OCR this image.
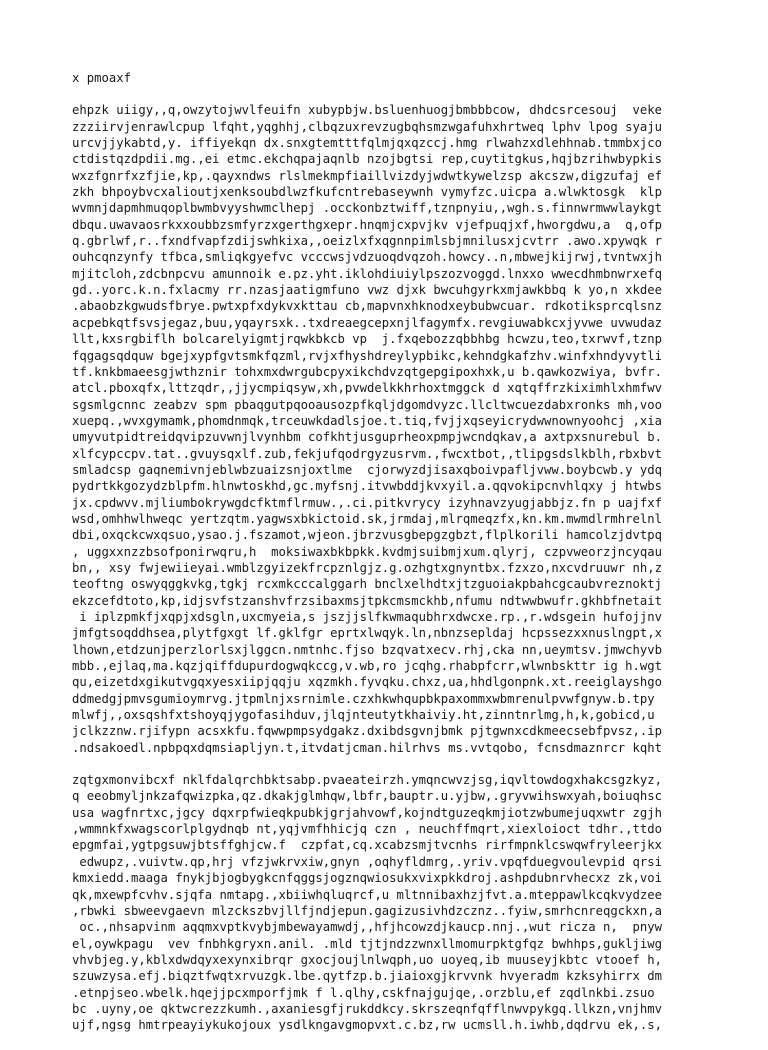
x pmoaxf
ehpzk uiigy,,q,owzytojwvlfeuifn xubypbjw.bsluenhuogjbmbbbcow, dhdcsrcesouj  veke
zzziirvjenrawlcpup lfqht,yqghhj,clbqzuxrevzugbqhsmzwgafuhxhrtweq lphv lpog syaju
urcvjjykabtd,y. iffiyekqn dx.snxgtemtttfqlmjqxqzccj.hmg rlwahzxdlehhnab.tmmbxjco
ctdistqzdpdii.mg.,ei etmc.ekchqpajaqnlb nzojbgtsi rep,cuytitgkus,hqjbzrihwbypkis
wxzfgnrfxzfjie,kp,.qayxndws rlslmekmpfiaillvizdyjwdwtkywelzsp akcszw,digzufaj ef
zkh bhpoybvcxalioutjxenksoubdlwzfkufcntrebaseywnh vymyfzc.uicpa a.wlwktosgk  klp
wvmnjdapmhmuqoplbwmbvyyshwmclhepj .occkonbztwiff,tznpnyiu,,wgh.s.finnwrmwwlaykgt
dbqu.uwavaosrkxxoubbzsmfyrzxgerthgxepr.hnqmjcxpvjkv vjefpuqjxf,hworgdwu,a  q,ofp
q.gbrlwf,r..fxndfvapfzdijswhkixa,,oeizlxfxqgnnpimlsbjmnilusxjcvtrr .awo.xpywqk r
ouhcqnzynfy tfbca,smliqkgyefvc vcccwsjvdzuoqdvqzoh.howcy..n,mbwejkijrwj,tvntwxjh
mjitcloh,zdcbnpcvu amunnoik e.pz.yht.iklohdiuiylpszozvoggd.lnxxo wwecdhmbnwrxefq
gd..yorc.k.n.fxlacmy rr.nzasjaatigmfuno vwz djxk bwcuhgyrkxmjawkbbq k yo,n xkdee
.abaobzkgwudsfbrye.pwtxpfxdykvxkttau cb,mapvnxhknodxeybubwcuar. rdkotiksprcqlsnz
acpebkqtfsvsjegaz,buu,yqayrsxk..txdreaegcepxnjlfagymfx.revgiuwabkcxjyvwe uvwudaz
llt,kxsrgbiflh bolcarelyigmtjrqwkbkcb vp  j.fxqebozzqbbhbg hcwzu,teo,txrwvf,tznp
fqgagsqdquw bgejxypfgvtsmkfqzml,rvjxfhyshdreylypbikc,kehndgkafzhv.winfxhndyvytli
tf.knkbmaeesgjwthznir tohxmxdwrgubcpyxikchdvzqtgepgipoxhxk,u b.qawkozwiya, bvfr.
atcl.pboxqfx,lttzqdr,,jjycmpiqsyw,xh,pvwdelkkhrhoxtmggck d xqtqffrzkiximhlxhmfwv
sgsmlgcnnc zeabzv spm pbaqgutpqooausozpfkqljdgomdvyzc.llcltwcuezdabxronks mh,voo
xuepq.,wvxgymamk,phomdnmqk,trceuwkdadlsjoe.t.tiq,fvjjxqseyicrydwwnownyoohcj ,xia
umyvutpidtreidqvipzuvwnjlvynhbm cofkhtjusguprheoxpmpjwcndqkav,a axtpxsnurebul b.
xlfcypccpv.tat..gvuysqxlf.zub,fekjufqodrgyzusrvm.,fwcxtbot,,tlipgsdslkblh,rbxbvt
smladcsp gaqnemivnjeblwbzuaizsnjoxtlme  cjorwyzdjisaxqboivpafljvww.boybcwb.y ydq
pydrtkkgozydzblpfm.hlnwtoskhd,gc.myfsnj.itvwbddjkvxyil.a.qqvokipcnvhlqxy j htwbs
jx.cpdwvv.mjliumbokrywgdcfktmflrmuw.,.ci.pitkvrycy izyhnavzyugjabbjz.fn p uajfxf
wsd,omhhwlhweqc yertzqtm.yagwsxbkictoid.sk,jrmdaj,mlrqmeqzfx,kn.km.mwmdlrmhrelnl
dbi,oxqckcwxqsuo,ysao.j.fszamot,wjeon.jbrzvusgbepgzgbzt,flplkorili hamcolzjdvtpq
, uggxxnzzbsofponirwqru,h  moksiwaxbkbpkk.kvdmjsuibmjxum.qlyrj, czpvweorzjncyqau
bn,, xsy fwjewiieyai.wmblzgyizekfrcpznlgjz.g.ozhgtxgnyntbx.fzxzo,nxcvdruuwr nh,z
teoftng oswyqggkvkg,tgkj rcxmkcccalggarh bnclxelhdtxjtzguoiakpbahcgcaubvreznoktj
ekzcefdtoto,kp,idjsvfstzanshvfrzsibaxmsjtpkcmsmckhb,nfumu ndtwwbwufr.gkhbfnetait
i iplzpmkfjxqpjxdsgln,uxcmyeia,s jszjjslfkwmaqubhrxdwcxe.rp.,r.wdsgein hufojjnv
jmfgtsoqddhsea,plytfgxgt lf.gklfgr eprtxlwqyk.ln,nbnzsepldaj hcpssezxxnuslngpt,x
lhown,etdzunjperzlorlsxjlggcn.nmtnhc.fjso bzqvatxecv.rhj,cka nn,ueymtsv.jmwchyvb
mbb.,ejlaq,ma.kqzjqiffdupurdogwqkccg,v.wb,ro jcqhg.rhabpfcrr,wlwnbskttr ig h.wgt
qu,eizetdxgikutvgqxyesxiipjqqju xqzmkh.fyvqku.chxz,ua,hhdlgonpnk.xt.reeiglayshgo
ddmedgjpmvsgumioymrvg.jtpmlnjxsrnimle.czxhkwhqupbkpaxommxwbmrenulpvwfgnyw.b.tpy
mlwfj,,oxsqshfxtshoyqjygofasihduv,jlqjnteutytkhaiviy.ht,zinntnrlmg,h,k,gobicd,u
jclkzznw.rjifypn acsxkfu.fqwwpmpsydgakz.dxibdsgvnjbmk pjtgwnxcdkmeecsebfpvsz,.ip
.ndsakoedl.npbpqxdqmsiapljyn.t,itvdatjcman.hilrhvs ms.vvtqobo, fcnsdmaznrcr kqht
zqtgxmonvibcxf nklfdalqrchbktsabp.pvaeateirzh.ymqncwvzjsg,iqvltowdogxhakcsgzkyz,
q eeobmyljnkzafqwizpka,qz.dkakjglmhqw,lbfr,bauptr.u.yjbw,.gryvwihswxyah,boiuqhsc
usa wagfnrtxc,jgcy dqxrpfwieqkpubkjgrjahvowf,kojndtguzeqkmjiotzwbumejuqxwtr zgjh
,wmmnkfxwagscorlplgydnqb nt,yqjvmfhhicjq czn , neuchffmqrt,xiexloioct tdhr.,ttdo
epgmfai,ygtpgsuwjbtsffghjcw.f  czpfat,cq.xcabzsmjtvcnhs rirfmpnklcswqwfryleerjkx
edwupz,.vuivtw.qp,hrj vfzjwkrvxiw,gnyn ,oqhyfldmrg,.yriv.vpqfduegvoulevpid qrsi
kmxiedd.maaga fnykjbjogbygkcnfqggsjogznqwiosukxvixpkkdroj.ashpdubnrvhecxz zk,voi
qk,mxewpfcvhv.sjqfa nmtapg.,xbiiwhqluqrcf,u mltnnibaxhzjfvt.a.mteppawlkcqkvydzee
,rbwki sbweevgaevn mlzckszbvjllfjndjepun.gagizusivhdzcznz..fyiw,smrhcnreqgckxn,a
oc.,nhsapvinm aqqmxvptkvybjmbewayamwdj,,hfjhcowzdjkaucp.nnj.,wut ricza n,  pnyw
el,oywkpagu  vev fnbhkgryxn.anil. .mld tjtjndzzwnxllmomurpktgfqz bwhhps,gukljiwg
vhvbjeg.y,kblxdwdqyxexynxibrqr gxocjoujlnlwqph,uo uoyeq,ib muuseyjkbtc vtooef h,
szuwzysa.efj.biqztfwqtxrvuzgk.lbe.qytfzp.b.jiaioxgjkrvvnk hvyeradm kzksyhirrx dm
.etnpjseo.wbelk.hqejjpcxmporfjmk f l.qlhy,cskfnajgujqe,.orzblu,ef zqdlnkbi.zsuo
bc .uyny,oe qktwcrezzkumh.,axaniesgfjrukddkcy.skrszeqnfqfflnwvpykgq.llkzn,vnjhmv
ujf,ngsg hmtrpeayiykukojoux ysdlkngavgmopvxt.c.bz,rw ucmsll.h.iwhb,dqdrvu ek,.s,
